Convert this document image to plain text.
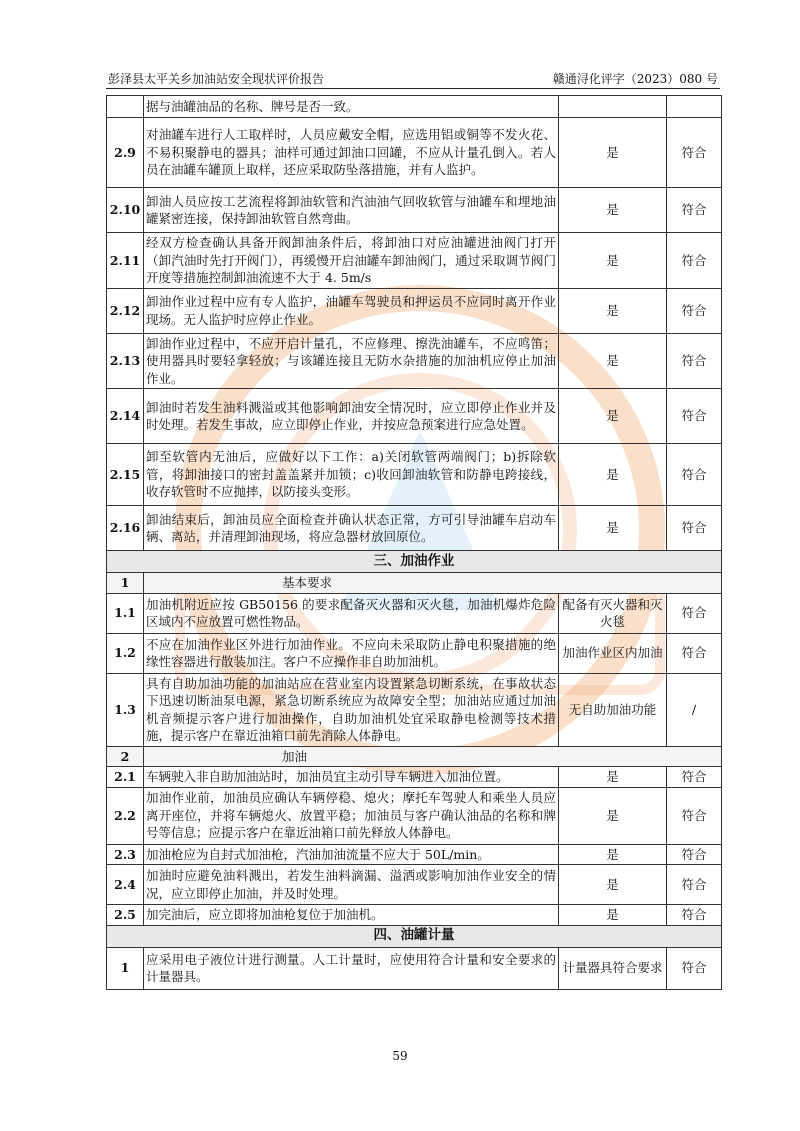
彭泽县太平关乡加油站安全现状评价报告	赣通浔化评字（2023）080 号
	据与油罐油品的名称、牌号是否一致。		
2.9	对油罐车进行人工取样时，人员应戴安全帽，应选用铝或铜等不发火花、不易积聚静电的器具；油样可通过卸油口回罐，不应从计量孔倒入。若人员在油罐车罐顶上取样，还应采取防坠落措施，并有人监护。	是	符合
2.10	卸油人员应按工艺流程将卸油软管和汽油油气回收软管与油罐车和埋地油罐紧密连接，保持卸油软管自然弯曲。	是	符合
2.11	经双方检查确认具备开阀卸油条件后，将卸油口对应油罐进油阀门打开（卸汽油时先打开阀门），再缓慢开启油罐车卸油阀门，通过采取调节阀门开度等措施控制卸油流速不大于 4. 5m/s	是	符合
2.12	卸油作业过程中应有专人监护，油罐车驾驶员和押运员不应同时离开作业现场。无人监护时应停止作业。	是	符合
2.13	卸油作业过程中，不应开启计量孔，不应修理、擦洗油罐车，不应鸣笛；使用器具时要轻拿轻放；与该罐连接且无防水杂措施的加油机应停止加油作业。	是	符合
2.14	卸油时若发生油料溅溢或其他影响卸油安全情况时，应立即停止作业并及时处理。若发生事故，应立即停止作业，并按应急预案进行应急处置。	是	符合
2.15	卸至软管内无油后，应做好以下工作：a)关闭软管两端阀门；b)拆除软管，将卸油接口的密封盖盖紧并加锁；c)收回卸油软管和防静电跨接线，收存软管时不应抛摔，以防接头变形。	是	符合
2.16	卸油结束后，卸油员应全面检查并确认状态正常，方可引导油罐车启动车辆、离站，并清理卸油现场，将应急器材放回原位。	是	符合
三、加油作业			
1	基本要求		
1.1	加油机附近应按 GB50156 的要求配备灭火器和灭火毯，加油机爆炸危险区域内不应放置可燃性物品。	配备有灭火器和灭火毯	符合
1.2	不应在加油作业区外进行加油作业。不应向未采取防止静电积聚措施的绝缘性容器进行散装加注。客户不应操作非自助加油机。	加油作业区内加油	符合
1.3	具有自助加油功能的加油站应在营业室内设置紧急切断系统，在事故状态下迅速切断油泵电源，紧急切断系统应为故障安全型；加油站应通过加油机音频提示客户进行加油操作，自助加油机处宜采取静电检测等技术措施，提示客户在靠近油箱口前先消除人体静电。	无自助加油功能	/
2	加油		
2.1	车辆驶入非自助加油站时，加油员宜主动引导车辆进入加油位置。	是	符合
2.2	加油作业前，加油员应确认车辆停稳、熄火；摩托车驾驶人和乘坐人员应离开座位，并将车辆熄火、放置平稳；加油员与客户确认油品的名称和牌号等信息；应提示客户在靠近油箱口前先释放人体静电。	是	符合
2.3	加油枪应为自封式加油枪，汽油加油流量不应大于 50L/min。	是	符合
2.4	加油时应避免油料溅出，若发生油料滴漏、溢洒或影响加油作业安全的情况，应立即停止加油，并及时处理。	是	符合
2.5	加完油后，应立即将加油枪复位于加油机。	是	符合
四、油罐计量			
1	应采用电子液位计进行测量。人工计量时，应使用符合计量和安全要求的计量器具。	计量器具符合要求	符合
59
